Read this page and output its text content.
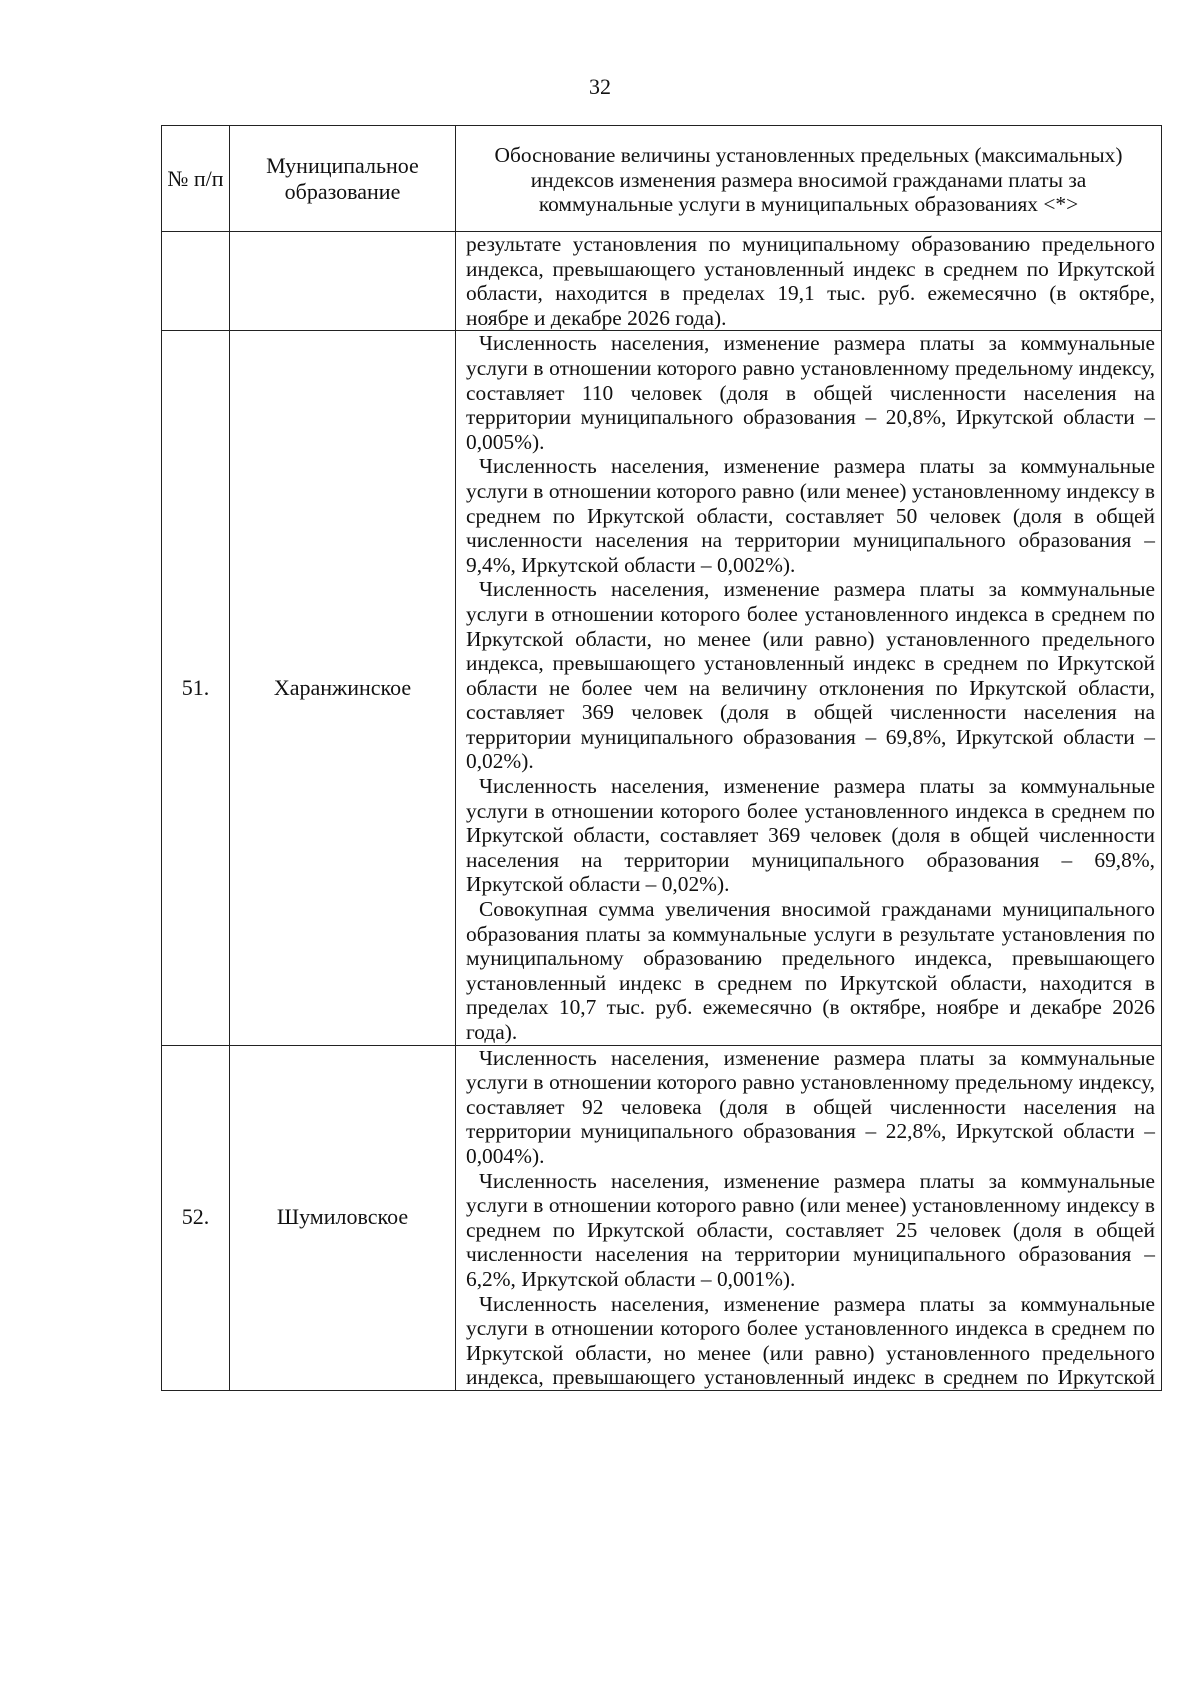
32
№ п/п	Муниципальное образование	Обоснование величины установленных предельных (максимальных) индексов изменения размера вносимой гражданами платы за коммунальные услуги в муниципальных образованиях <*>

		результате установления по муниципальному образованию предельного индекса, превышающего установленный индекс в среднем по Иркутской области, находится в пределах 19,1 тыс. руб. ежемесячно (в октябре, ноябре и декабре 2026 года).

51.	Харанжинское	Численность населения, изменение размера платы за коммунальные услуги в отношении которого равно установленному предельному индексу, составляет 110 человек (доля в общей численности населения на территории муниципального образования – 20,8%, Иркутской области – 0,005%).

Численность населения, изменение размера платы за коммунальные услуги в отношении которого равно (или менее) установленному индексу в среднем по Иркутской области, составляет 50 человек (доля в общей численности населения на территории муниципального образования – 9,4%, Иркутской области – 0,002%).

Численность населения, изменение размера платы за коммунальные услуги в отношении которого более установленного индекса в среднем по Иркутской области, но менее (или равно) установленного предельного индекса, превышающего установленный индекс в среднем по Иркутской области не более чем на величину отклонения по Иркутской области, составляет 369 человек (доля в общей численности населения на территории муниципального образования – 69,8%, Иркутской области – 0,02%).

Численность населения, изменение размера платы за коммунальные услуги в отношении которого более установленного индекса в среднем по Иркутской области, составляет 369 человек (доля в общей численности населения на территории муниципального образования – 69,8%, Иркутской области – 0,02%).

Совокупная сумма увеличения вносимой гражданами муниципального образования платы за коммунальные услуги в результате установления по муниципальному образованию предельного индекса, превышающего установленный индекс в среднем по Иркутской области, находится в пределах 10,7 тыс. руб. ежемесячно (в октябре, ноябре и декабре 2026 года).

52.	Шумиловское	Численность населения, изменение размера платы за коммунальные услуги в отношении которого равно установленному предельному индексу, составляет 92 человека (доля в общей численности населения на территории муниципального образования – 22,8%, Иркутской области – 0,004%).

Численность населения, изменение размера платы за коммунальные услуги в отношении которого равно (или менее) установленному индексу в среднем по Иркутской области, составляет 25 человек (доля в общей численности населения на территории муниципального образования – 6,2%, Иркутской области – 0,001%).

Численность населения, изменение размера платы за коммунальные услуги в отношении которого более установленного индекса в среднем по Иркутской области, но менее (или равно) установленного предельного индекса, превышающего установленный индекс в среднем по Иркутской
